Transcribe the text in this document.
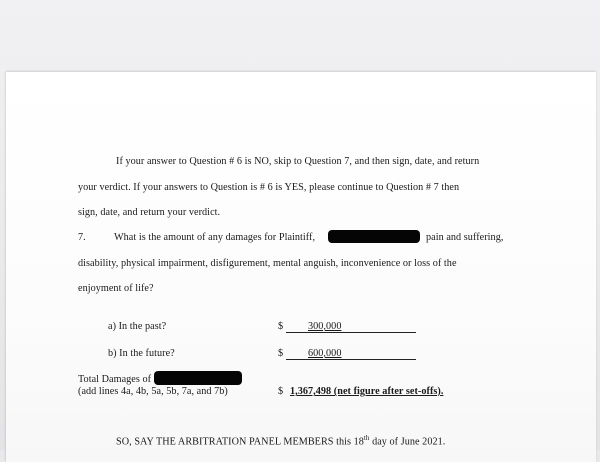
If your answer to Question # 6 is NO, skip to Question 7, and then sign, date, and return
your verdict. If your answers to Question is # 6 is YES, please continue to Question # 7 then
sign, date, and return your verdict.
7.	What is the amount of any damages for Plaintiff,	pain and suffering,
disability, physical impairment, disfigurement, mental anguish, inconvenience or loss of the
enjoyment of life?
a) In the past?	$ 300,000
b) In the future?	$ 600,000
Total Damages of
(add lines 4a, 4b, 5a, 5b, 7a, and 7b)	$ 1,367,498 (net figure after set-offs).
SO, SAY THE ARBITRATION PANEL MEMBERS this 18th day of June 2021.
